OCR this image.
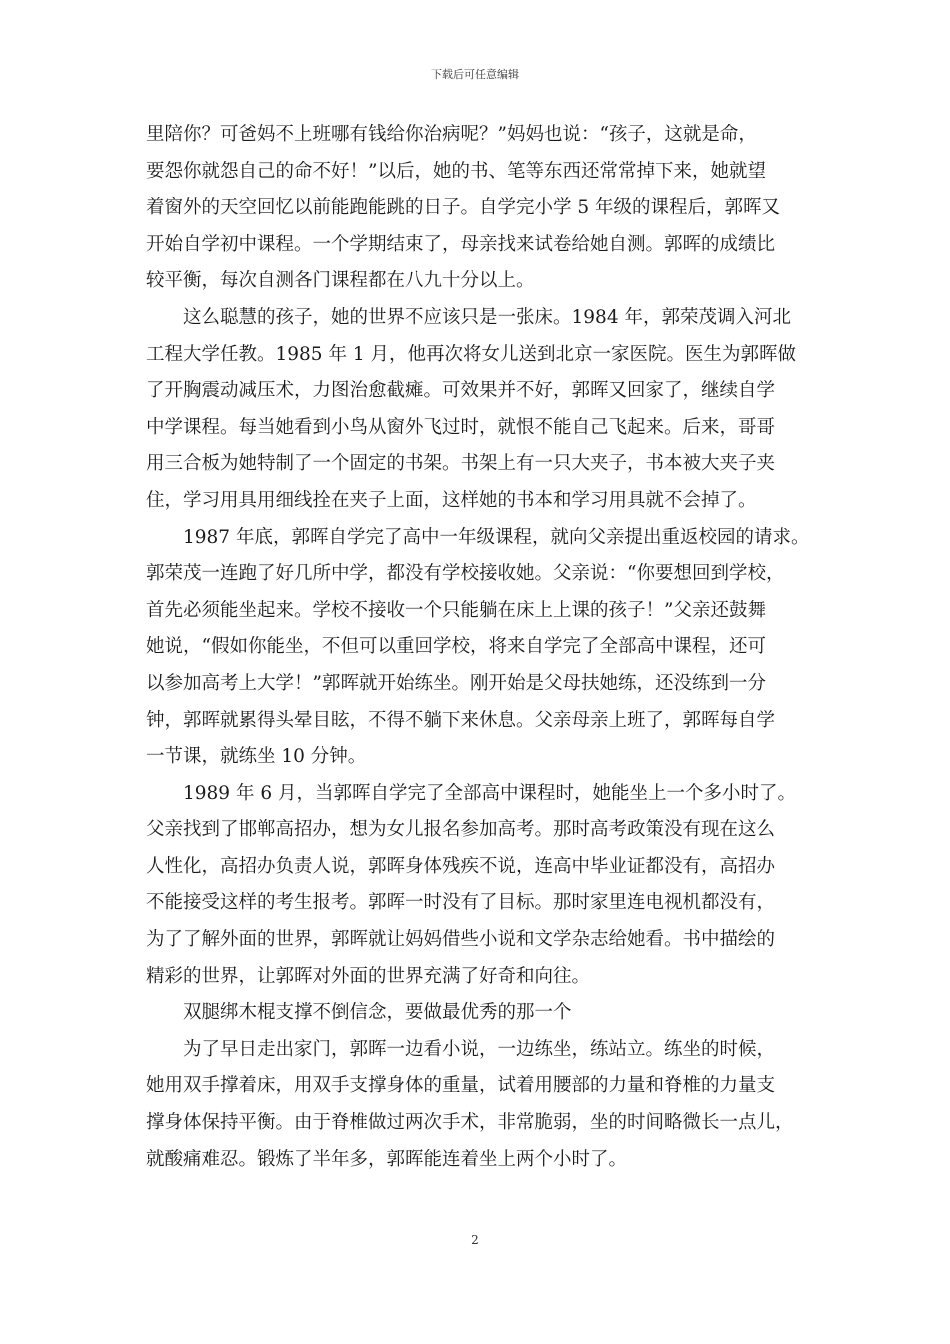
下载后可任意编辑
里陪你？可爸妈不上班哪有钱给你治病呢？”妈妈也说：“孩子，这就是命，
要怨你就怨自己的命不好！”以后，她的书、笔等东西还常常掉下来，她就望
着窗外的天空回忆以前能跑能跳的日子。自学完小学 5 年级的课程后，郭晖又
开始自学初中课程。一个学期结束了，母亲找来试卷给她自测。郭晖的成绩比
较平衡，每次自测各门课程都在八九十分以上。
　　这么聪慧的孩子，她的世界不应该只是一张床。1984 年，郭荣茂调入河北
工程大学任教。1985 年 1 月，他再次将女儿送到北京一家医院。医生为郭晖做
了开胸震动减压术，力图治愈截瘫。可效果并不好，郭晖又回家了，继续自学
中学课程。每当她看到小鸟从窗外飞过时，就恨不能自己飞起来。后来，哥哥
用三合板为她特制了一个固定的书架。书架上有一只大夹子，书本被大夹子夹
住，学习用具用细线拴在夹子上面，这样她的书本和学习用具就不会掉了。
　　1987 年底，郭晖自学完了高中一年级课程，就向父亲提出重返校园的请求。
郭荣茂一连跑了好几所中学，都没有学校接收她。父亲说：“你要想回到学校，
首先必须能坐起来。学校不接收一个只能躺在床上上课的孩子！”父亲还鼓舞
她说，“假如你能坐，不但可以重回学校，将来自学完了全部高中课程，还可
以参加高考上大学！”郭晖就开始练坐。刚开始是父母扶她练，还没练到一分
钟，郭晖就累得头晕目眩，不得不躺下来休息。父亲母亲上班了，郭晖每自学
一节课，就练坐 10 分钟。
　　1989 年 6 月，当郭晖自学完了全部高中课程时，她能坐上一个多小时了。
父亲找到了邯郸高招办，想为女儿报名参加高考。那时高考政策没有现在这么
人性化，高招办负责人说，郭晖身体残疾不说，连高中毕业证都没有，高招办
不能接受这样的考生报考。郭晖一时没有了目标。那时家里连电视机都没有，
为了了解外面的世界，郭晖就让妈妈借些小说和文学杂志给她看。书中描绘的
精彩的世界，让郭晖对外面的世界充满了好奇和向往。
　　双腿绑木棍支撑不倒信念，要做最优秀的那一个
　　为了早日走出家门，郭晖一边看小说，一边练坐，练站立。练坐的时候，
她用双手撑着床，用双手支撑身体的重量，试着用腰部的力量和脊椎的力量支
撑身体保持平衡。由于脊椎做过两次手术，非常脆弱，坐的时间略微长一点儿，
就酸痛难忍。锻炼了半年多，郭晖能连着坐上两个小时了。
2
